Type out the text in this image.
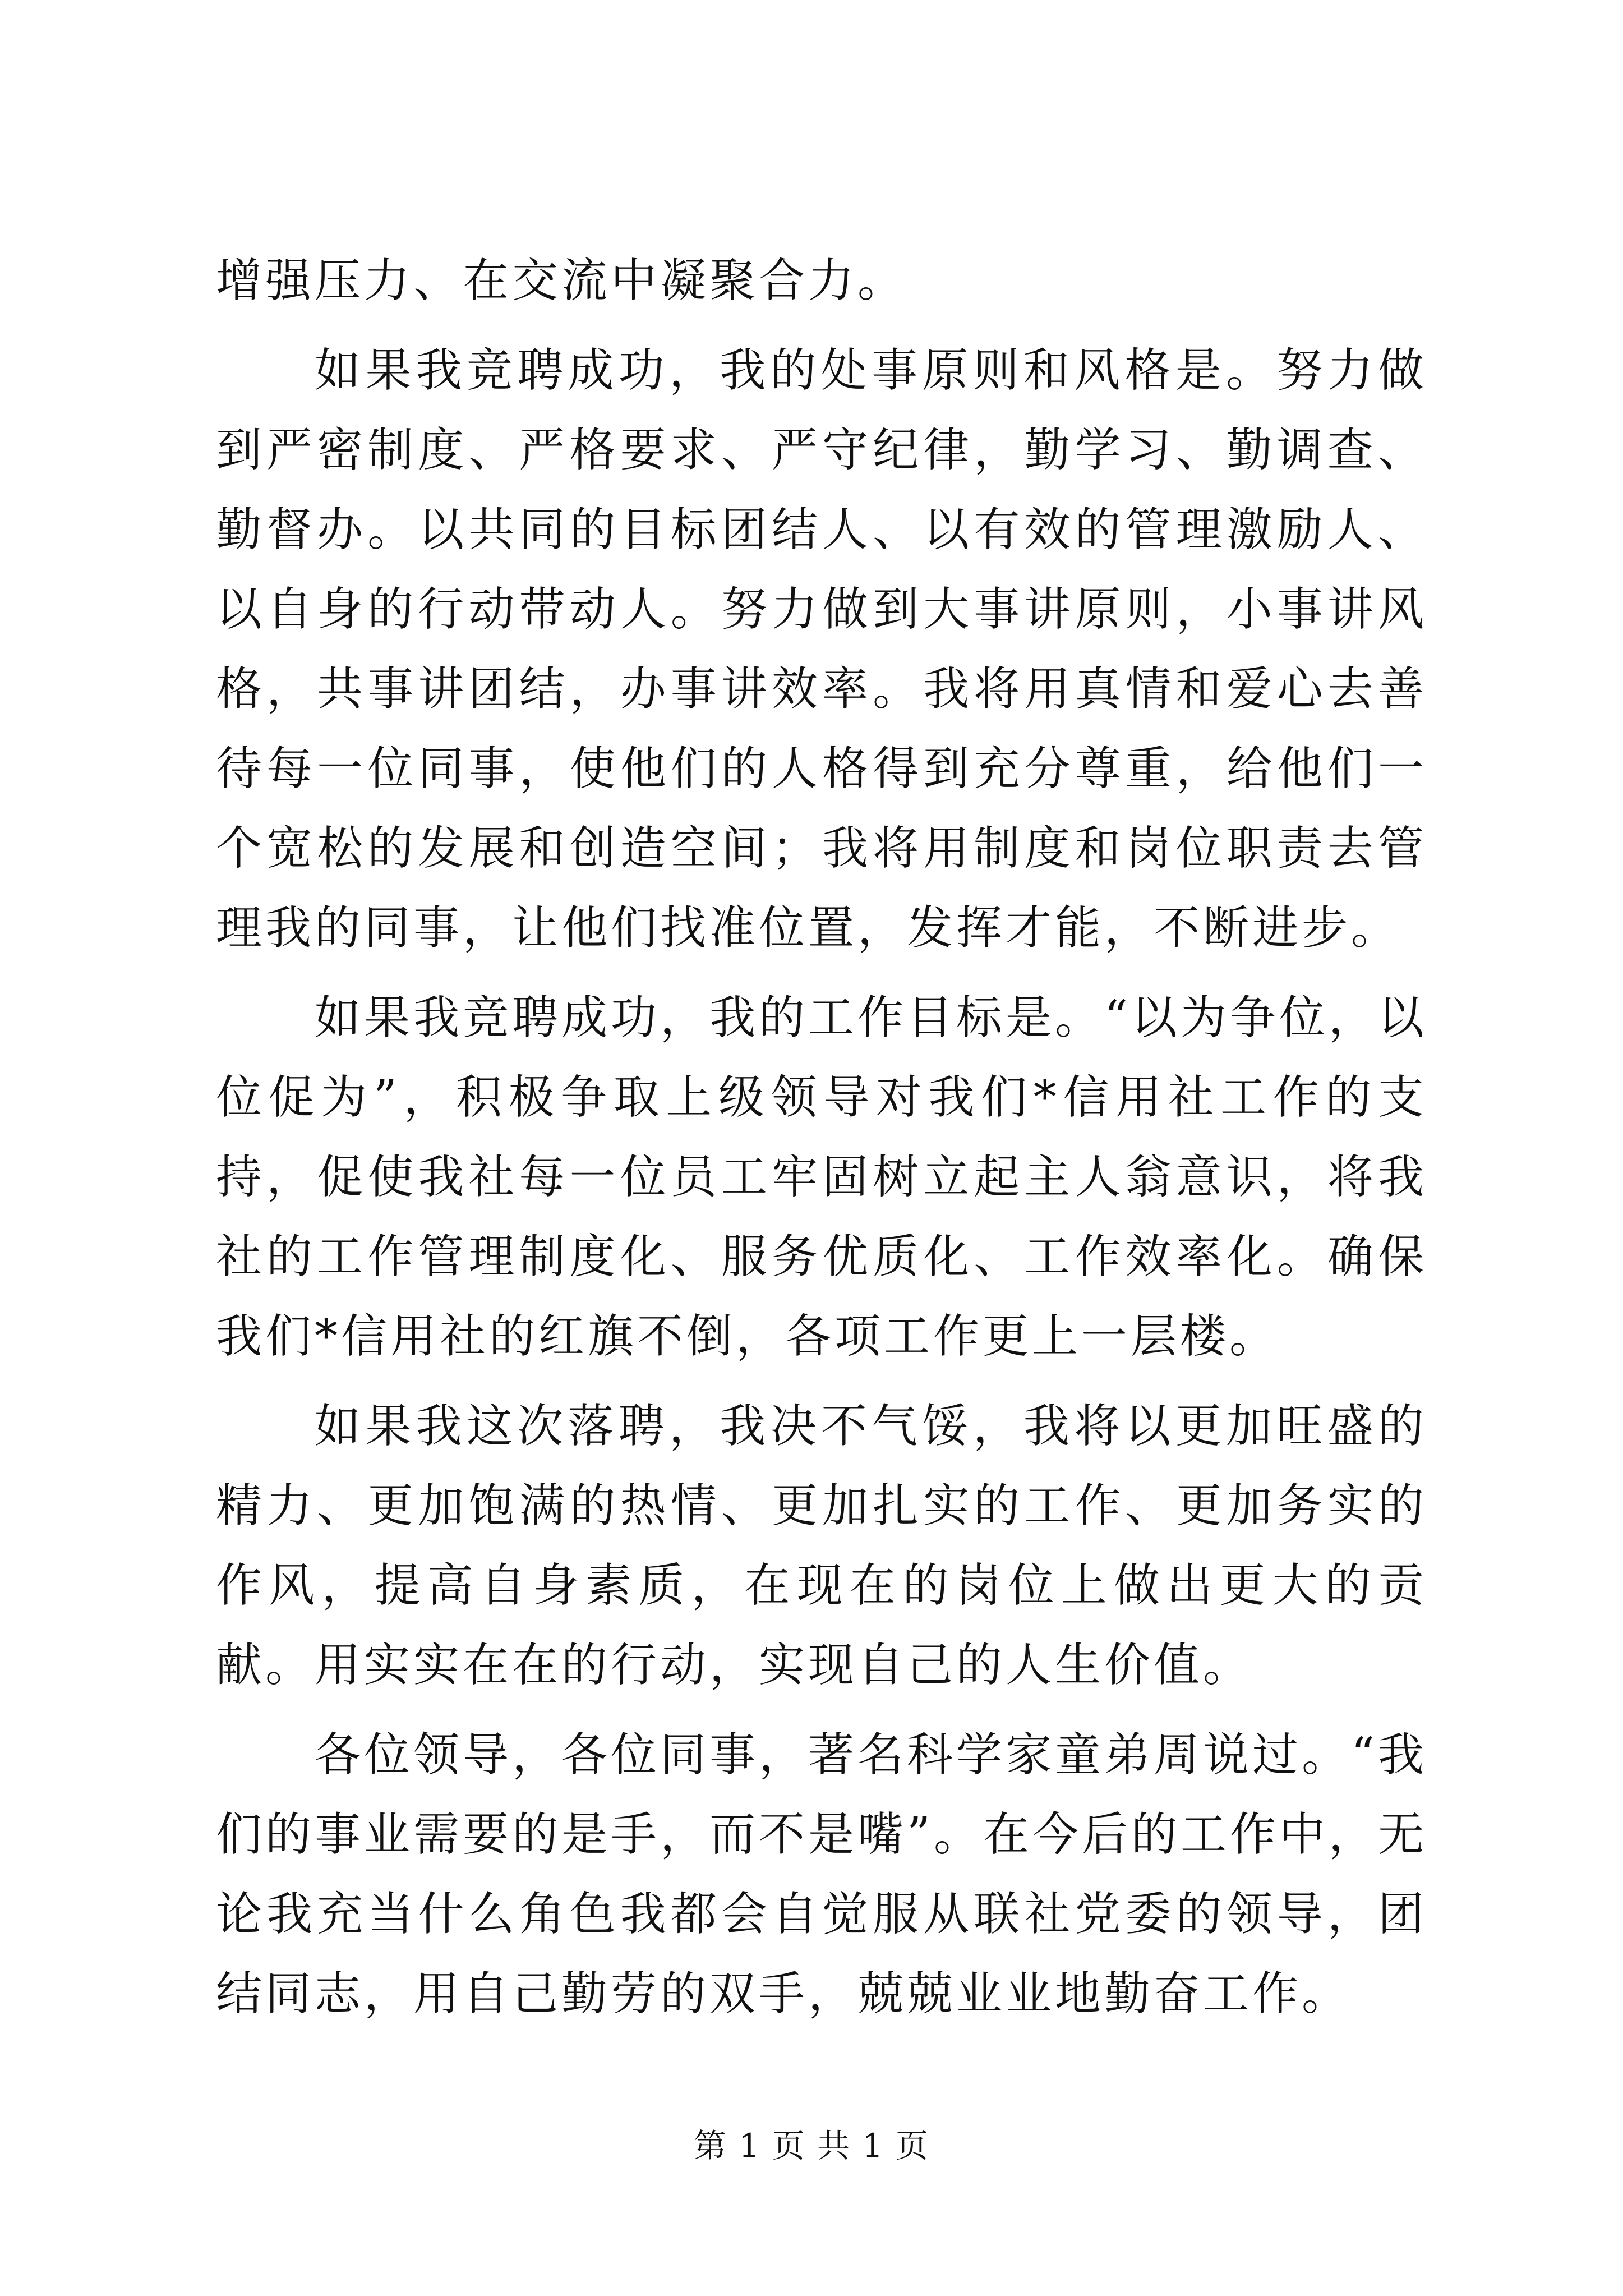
增强压力、在交流中凝聚合力。

如果我竞聘成功，我的处事原则和风格是。努力做到严密制度、严格要求、严守纪律，勤学习、勤调查、勤督办。以共同的目标团结人、以有效的管理激励人、以自身的行动带动人。努力做到大事讲原则，小事讲风格，共事讲团结，办事讲效率。我将用真情和爱心去善待每一位同事，使他们的人格得到充分尊重，给他们一个宽松的发展和创造空间；我将用制度和岗位职责去管理我的同事，让他们找准位置，发挥才能，不断进步。

如果我竞聘成功，我的工作目标是。“以为争位，以位促为”，积极争取上级领导对我们*信用社工作的支持，促使我社每一位员工牢固树立起主人翁意识，将我社的工作管理制度化、服务优质化、工作效率化。确保我们*信用社的红旗不倒，各项工作更上一层楼。

如果我这次落聘，我决不气馁，我将以更加旺盛的精力、更加饱满的热情、更加扎实的工作、更加务实的作风，提高自身素质，在现在的岗位上做出更大的贡献。用实实在在的行动，实现自己的人生价值。

各位领导，各位同事，著名科学家童弟周说过。“我们的事业需要的是手，而不是嘴”。在今后的工作中，无论我充当什么角色我都会自觉服从联社党委的领导，团结同志，用自己勤劳的双手，兢兢业业地勤奋工作。

第 1 页 共 1 页
